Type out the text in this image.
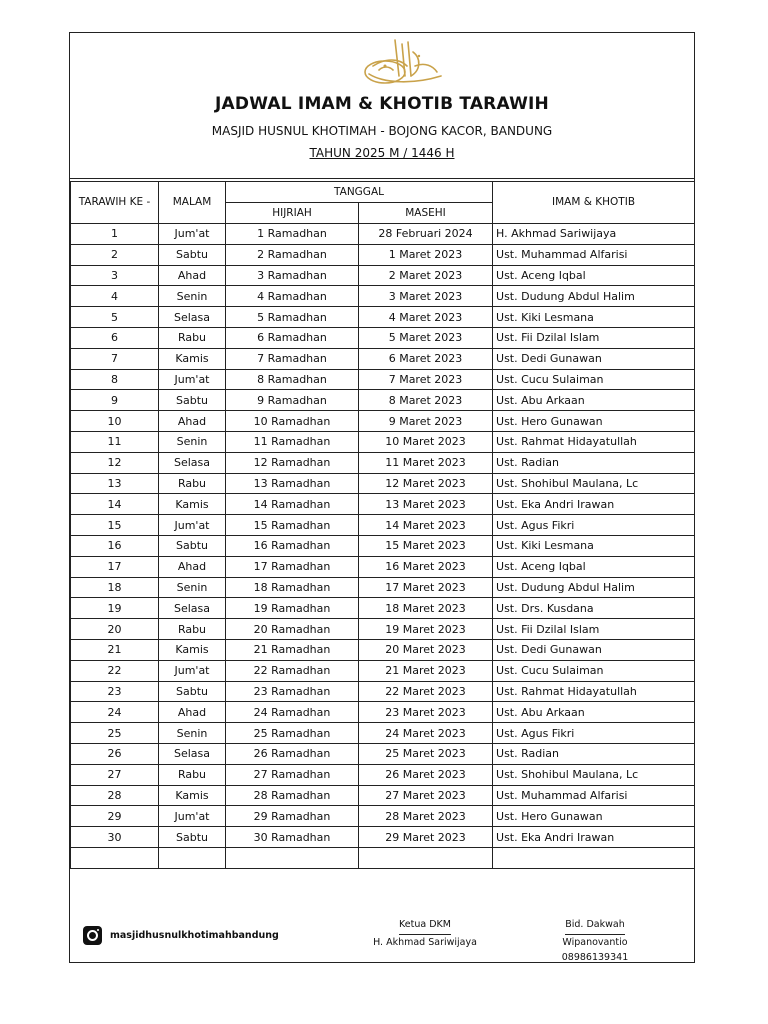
JADWAL IMAM & KHOTIB TARAWIH
MASJID HUSNUL KHOTIMAH - BOJONG KACOR, BANDUNG
TAHUN 2025 M / 1446 H
TARAWIH KE -	MALAM	TANGGAL		IMAM & KHOTIB
		HIJRIAH	MASEHI	
1	Jum'at	1 Ramadhan	28 Februari 2024	H. Akhmad Sariwijaya
2	Sabtu	2 Ramadhan	1 Maret 2023	Ust. Muhammad Alfarisi
3	Ahad	3 Ramadhan	2 Maret 2023	Ust. Aceng Iqbal
4	Senin	4 Ramadhan	3 Maret 2023	Ust. Dudung Abdul Halim
5	Selasa	5 Ramadhan	4 Maret 2023	Ust. Kiki Lesmana
6	Rabu	6 Ramadhan	5 Maret 2023	Ust. Fii Dzilal Islam
7	Kamis	7 Ramadhan	6 Maret 2023	Ust. Dedi Gunawan
8	Jum'at	8 Ramadhan	7 Maret 2023	Ust. Cucu Sulaiman
9	Sabtu	9 Ramadhan	8 Maret 2023	Ust. Abu Arkaan
10	Ahad	10 Ramadhan	9 Maret 2023	Ust. Hero Gunawan
11	Senin	11 Ramadhan	10 Maret 2023	Ust. Rahmat Hidayatullah
12	Selasa	12 Ramadhan	11 Maret 2023	Ust. Radian
13	Rabu	13 Ramadhan	12 Maret 2023	Ust. Shohibul Maulana, Lc
14	Kamis	14 Ramadhan	13 Maret 2023	Ust. Eka Andri Irawan
15	Jum'at	15 Ramadhan	14 Maret 2023	Ust. Agus Fikri
16	Sabtu	16 Ramadhan	15 Maret 2023	Ust. Kiki Lesmana
17	Ahad	17 Ramadhan	16 Maret 2023	Ust. Aceng Iqbal
18	Senin	18 Ramadhan	17 Maret 2023	Ust. Dudung Abdul Halim
19	Selasa	19 Ramadhan	18 Maret 2023	Ust. Drs. Kusdana
20	Rabu	20 Ramadhan	19 Maret 2023	Ust. Fii Dzilal Islam
21	Kamis	21 Ramadhan	20 Maret 2023	Ust. Dedi Gunawan
22	Jum'at	22 Ramadhan	21 Maret 2023	Ust. Cucu Sulaiman
23	Sabtu	23 Ramadhan	22 Maret 2023	Ust. Rahmat Hidayatullah
24	Ahad	24 Ramadhan	23 Maret 2023	Ust. Abu Arkaan
25	Senin	25 Ramadhan	24 Maret 2023	Ust. Agus Fikri
26	Selasa	26 Ramadhan	25 Maret 2023	Ust. Radian
27	Rabu	27 Ramadhan	26 Maret 2023	Ust. Shohibul Maulana, Lc
28	Kamis	28 Ramadhan	27 Maret 2023	Ust. Muhammad Alfarisi
29	Jum'at	29 Ramadhan	28 Maret 2023	Ust. Hero Gunawan
30	Sabtu	30 Ramadhan	29 Maret 2023	Ust. Eka Andri Irawan

masjidhusnulkhotimahbandung
Ketua DKM
H. Akhmad Sariwijaya
Bid. Dakwah
Wipanovantio
08986139341
